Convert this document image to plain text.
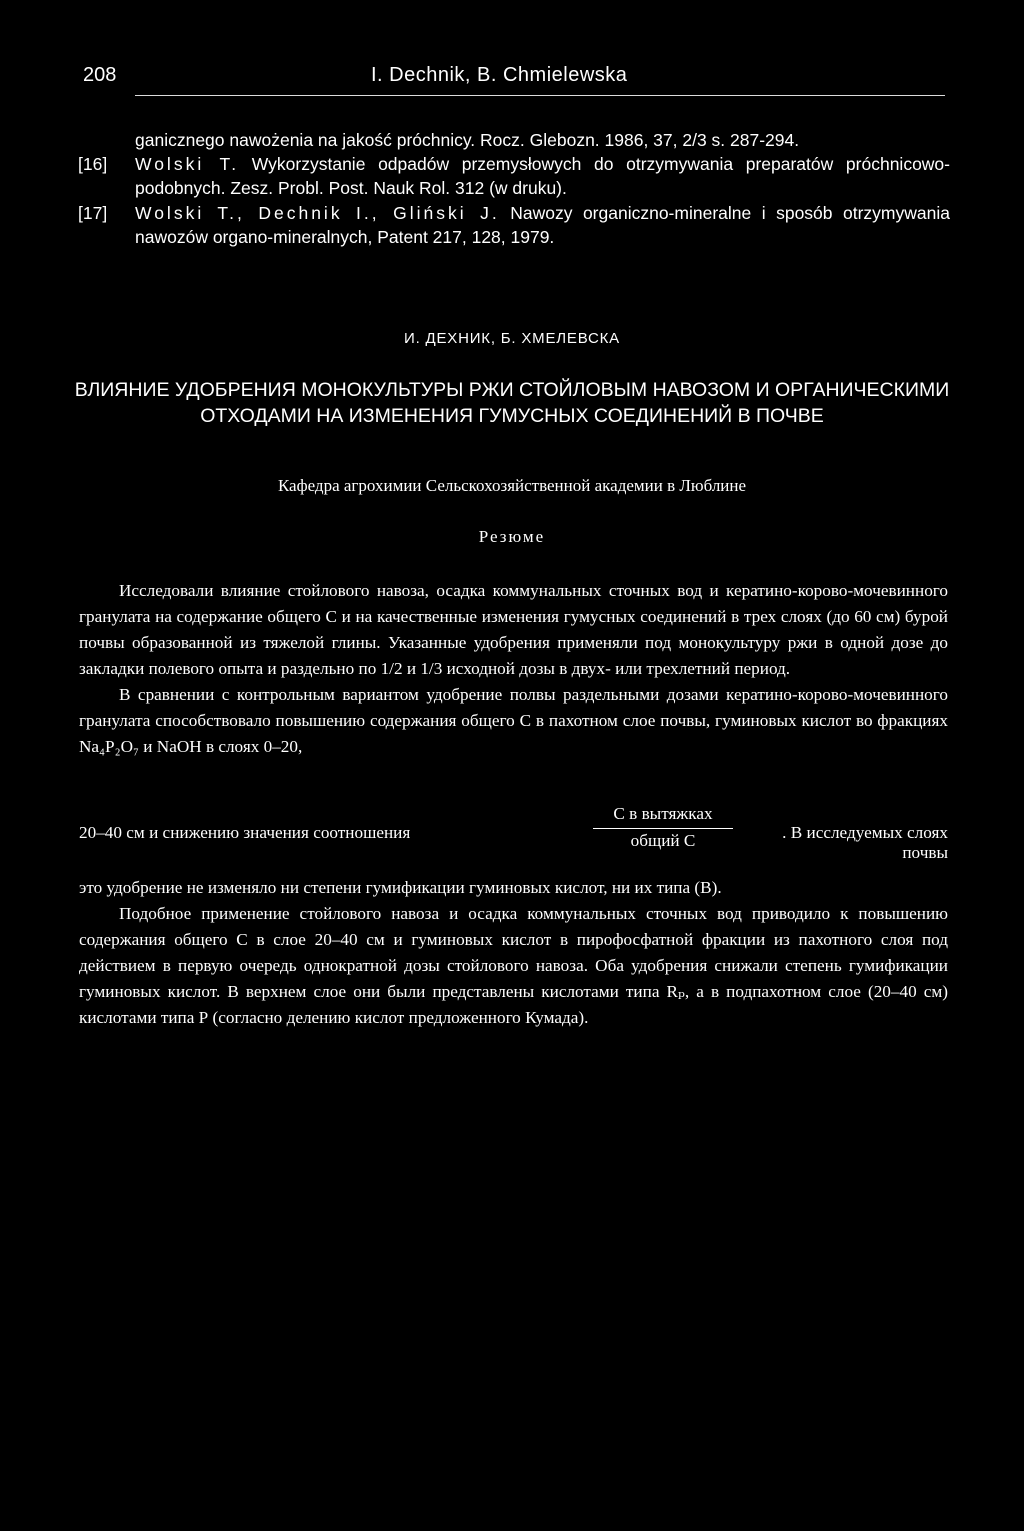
208	I. Dechnik, B. Chmielewska
ganicznego nawożenia na jakość próchnicy. Rocz. Glebozn. 1986, 37, 2/3 s. 287-294.
[16] Wolski T. Wykorzystanie odpadów przemysłowych do otrzymywania preparatów próchnicowo-podobnych. Zesz. Probl. Post. Nauk Rol. 312 (w druku).
[17] Wolski T., Dechnik I., Gliński J. Nawozy organiczno-mineralne i sposób otrzymywania nawozów organo-mineralnych, Patent 217, 128, 1979.
И. ДЕХНИК, Б. ХМЕЛЕВСКА
ВЛИЯНИЕ УДОБРЕНИЯ МОНОКУЛЬТУРЫ РЖИ СТОЙЛОВЫМ НАВОЗОМ И ОРГАНИЧЕСКИМИ ОТХОДАМИ НА ИЗМЕНЕНИЯ ГУМУСНЫХ СОЕДИНЕНИЙ В ПОЧВЕ
Кафедра агрохимии Сельскохозяйственной академии в Люблине
Резюме
Исследовали влияние стойлового навоза, осадка коммунальных сточных вод и кератино-корово-мочевинного гранулата на содержание общего С и на качественные изменения гумусных соединений в трех слоях (до 60 см) бурой почвы образованной из тяжелой глины. Указанные удобрения применяли под монокультуру ржи в одной дозе до закладки полевого опыта и раздельно по 1/2 и 1/3 исходной дозы в двух- или трехлетний период.
В сравнении с контрольным вариантом удобрение полвы раздельными дозами кератино-корово-мочевинного гранулата способствовало повышению содержания общего С в пахотном слое почвы, гуминовых кислот во фракциях Na₄P₂O₇ и NaOH в слоях 0–20,
20–40 см и снижению значения соотношения
С в вытяжках
общий С	. В исследуемых слоях почвы
это удобрение не изменяло ни степени гумификации гуминовых кислот, ни их типа (В).
Подобное применение стойлового навоза и осадка коммунальных сточных вод приводило к повышению содержания общего С в слое 20–40 см и гуминовых кислот в пирофосфатной фракции из пахотного слоя под действием в первую очередь однократной дозы стойлового навоза. Оба удобрения снижали степень гумификации гуминовых кислот. В верхнем слое они были представлены кислотами типа Rₚ, а в подпахотном слое (20–40 см) кислотами типа Р (согласно делению кислот предложенного Кумада).
